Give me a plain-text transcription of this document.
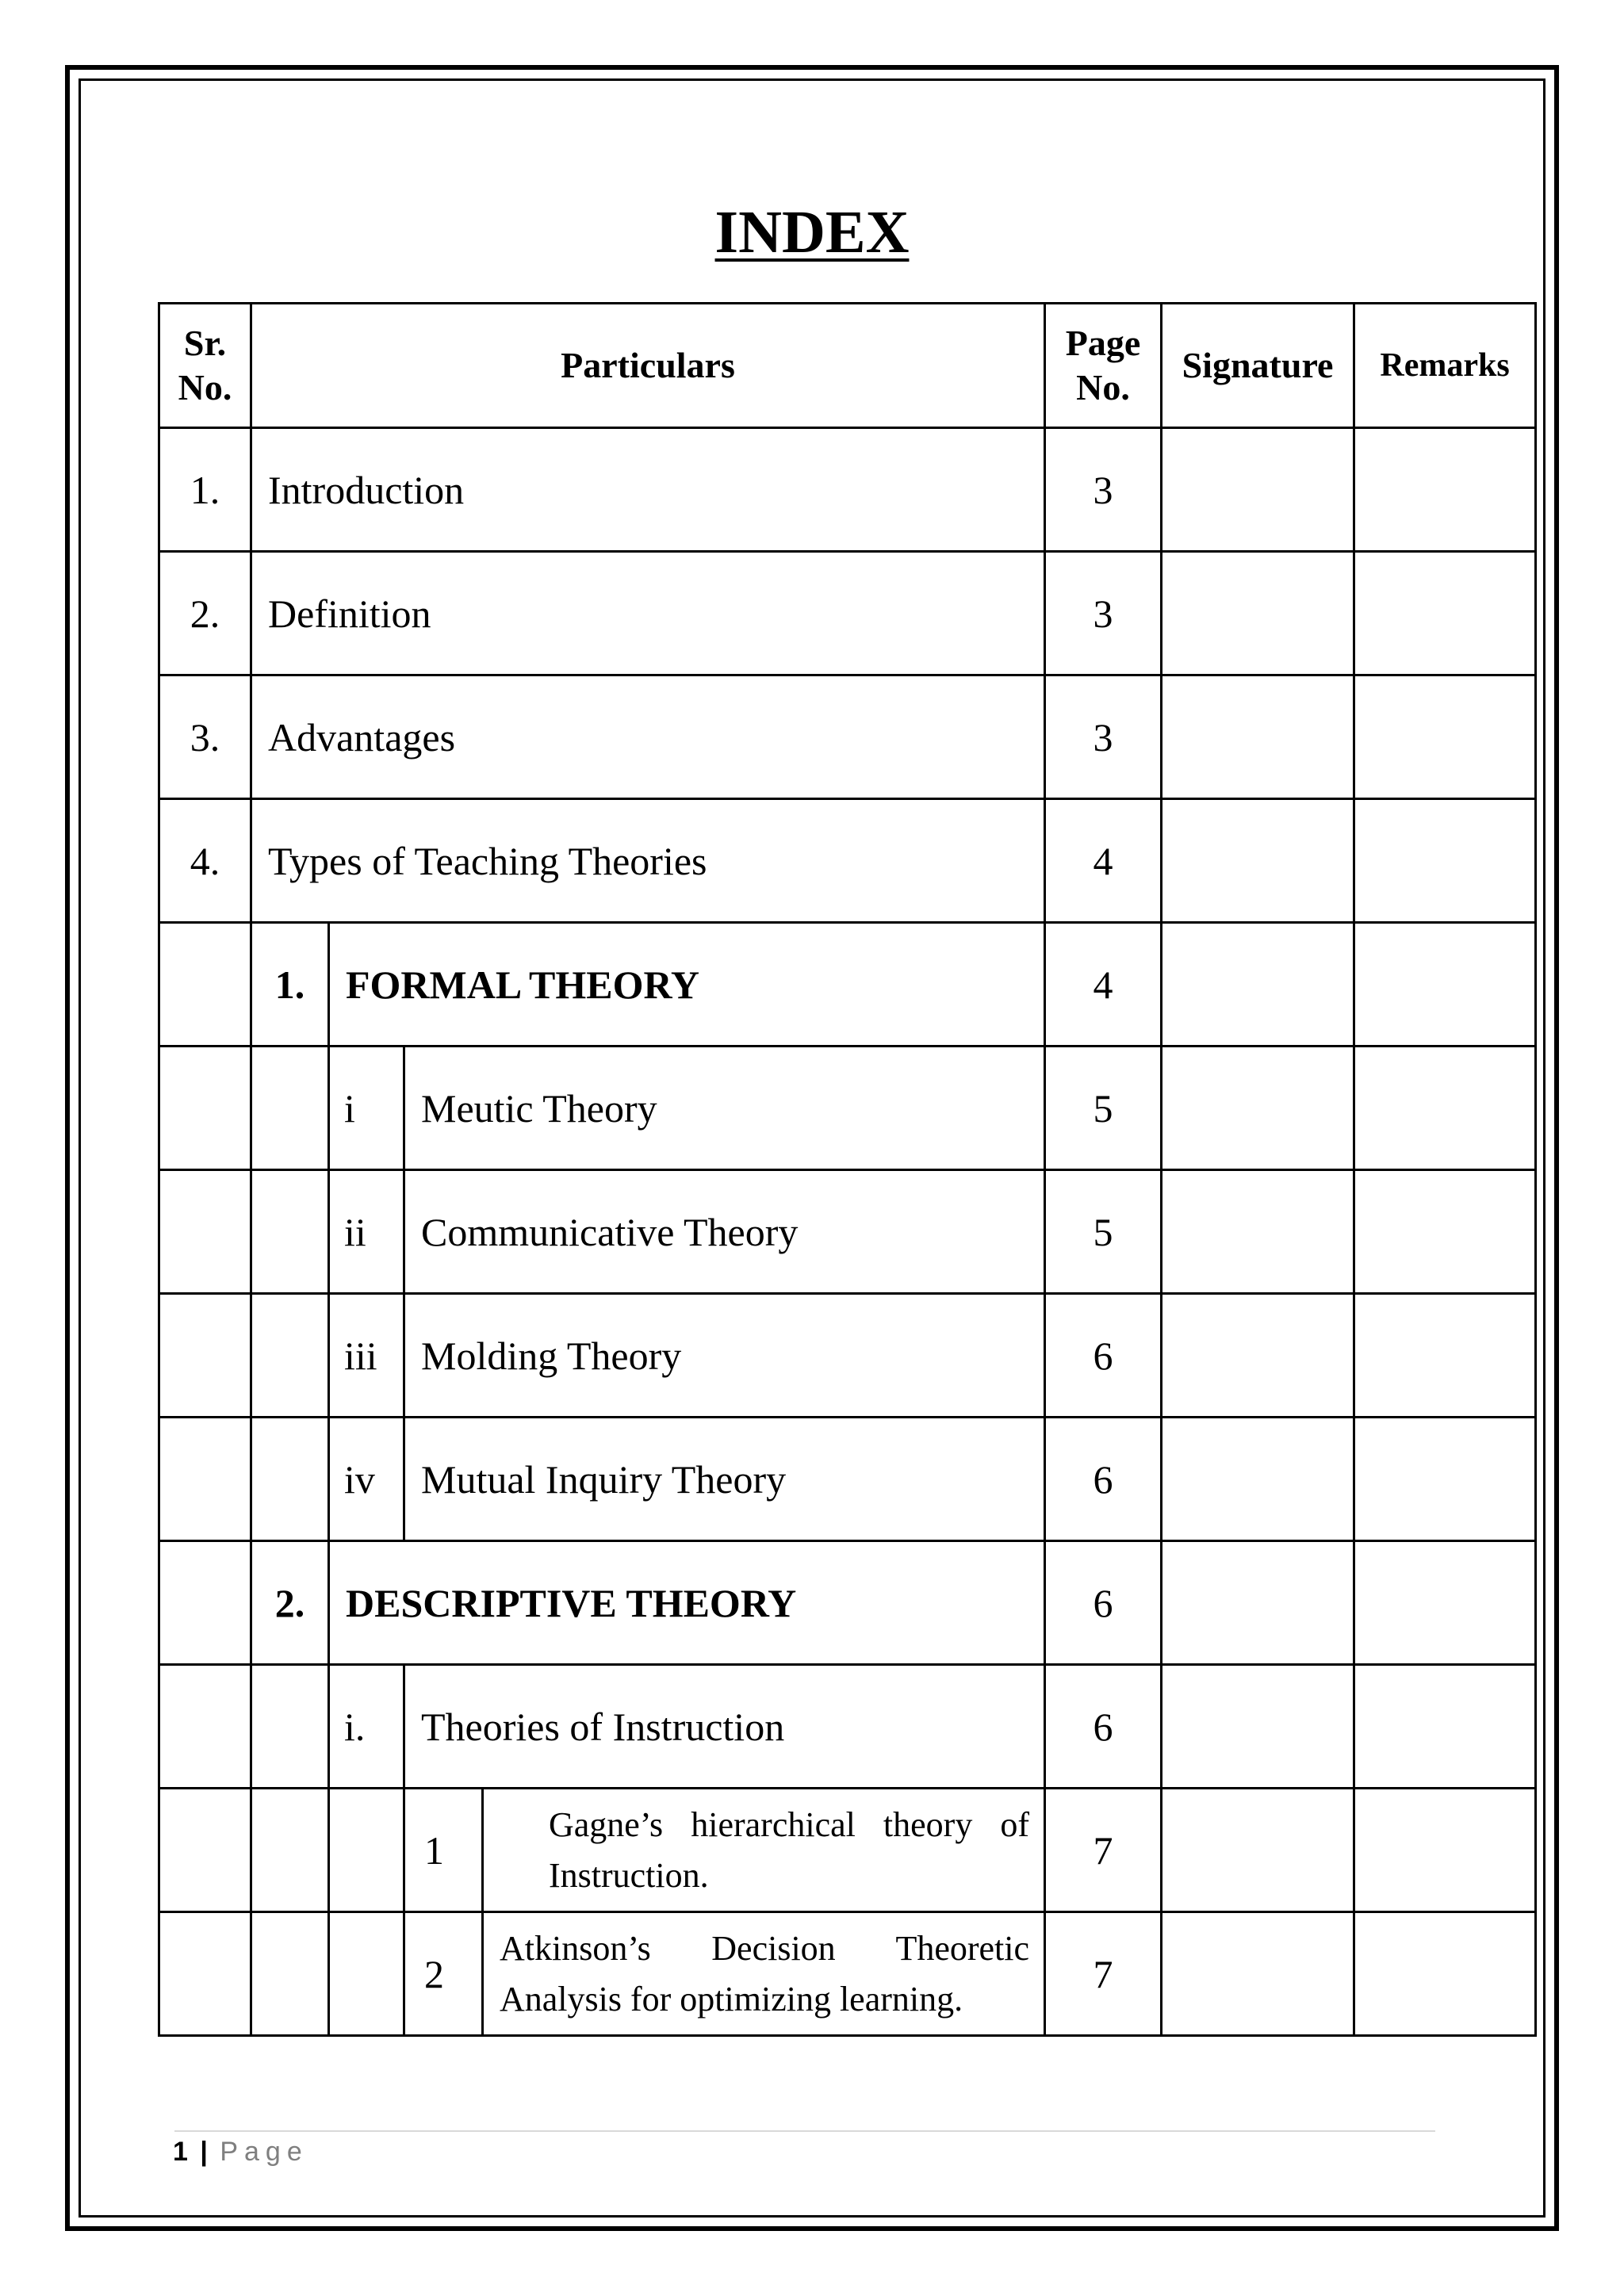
INDEX
Sr. No.	Particulars				Page No.	Signature	Remarks
1.	Introduction				3		
2.	Definition				3		
3.	Advantages				3		
4.	Types of Teaching Theories				4		
	1.	FORMAL THEORY			4		
		i	Meutic Theory		5		
		ii	Communicative Theory		5		
		iii	Molding Theory		6		
		iv	Mutual Inquiry Theory		6		
	2.	DESCRIPTIVE THEORY			6		
		i.	Theories of Instruction		6		
			1	Gagne’s hierarchical theory of Instruction.	7		
			2	Atkinson’s Decision Theoretic Analysis for optimizing learning.	7		
1 | Page
